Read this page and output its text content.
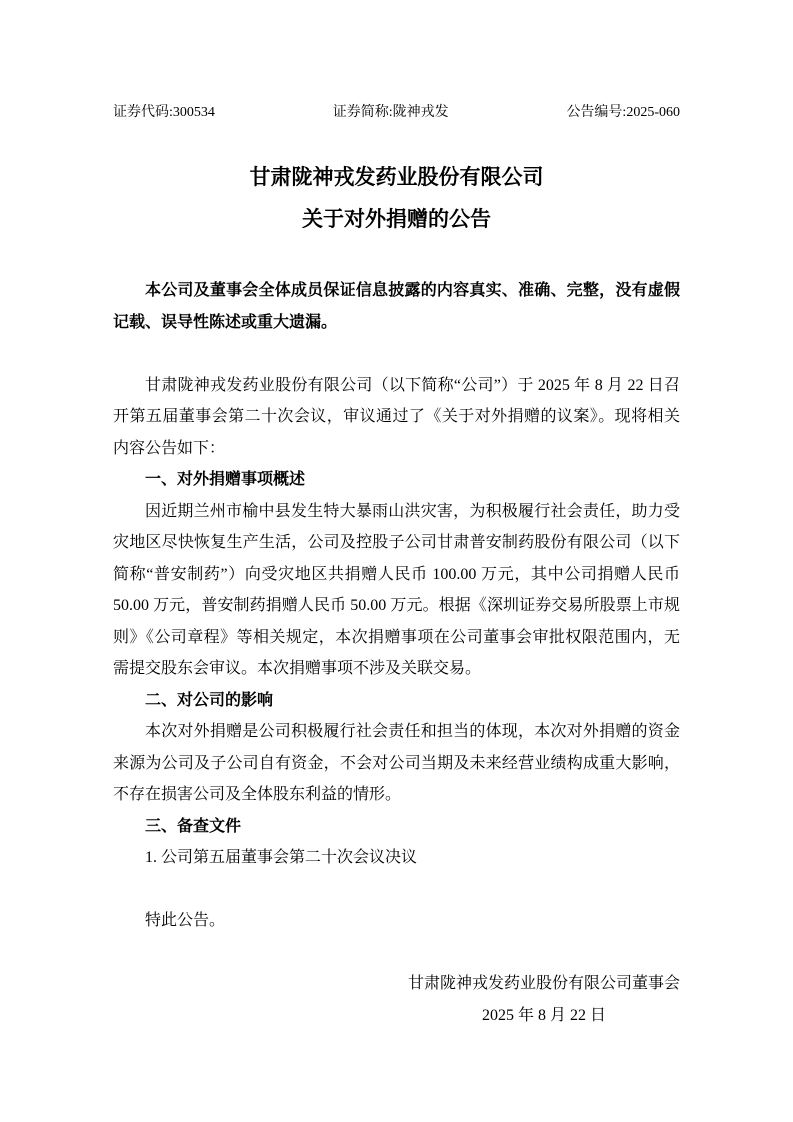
证券代码:300534	证券简称:陇神戎发	公告编号:2025-060
甘肃陇神戎发药业股份有限公司
关于对外捐赠的公告

本公司及董事会全体成员保证信息披露的内容真实、准确、完整，没有虚假记载、误导性陈述或重大遗漏。

甘肃陇神戎发药业股份有限公司（以下简称“公司”）于 2025 年 8 月 22 日召开第五届董事会第二十次会议，审议通过了《关于对外捐赠的议案》。现将相关内容公告如下：

一、对外捐赠事项概述

因近期兰州市榆中县发生特大暴雨山洪灾害，为积极履行社会责任，助力受灾地区尽快恢复生产生活，公司及控股子公司甘肃普安制药股份有限公司（以下简称“普安制药”）向受灾地区共捐赠人民币 100.00 万元，其中公司捐赠人民币 50.00 万元，普安制药捐赠人民币 50.00 万元。根据《深圳证券交易所股票上市规则》《公司章程》等相关规定，本次捐赠事项在公司董事会审批权限范围内，无需提交股东会审议。本次捐赠事项不涉及关联交易。

二、对公司的影响

本次对外捐赠是公司积极履行社会责任和担当的体现，本次对外捐赠的资金来源为公司及子公司自有资金，不会对公司当期及未来经营业绩构成重大影响，不存在损害公司及全体股东利益的情形。

三、备查文件

1. 公司第五届董事会第二十次会议决议

特此公告。

甘肃陇神戎发药业股份有限公司董事会
2025 年 8 月 22 日
